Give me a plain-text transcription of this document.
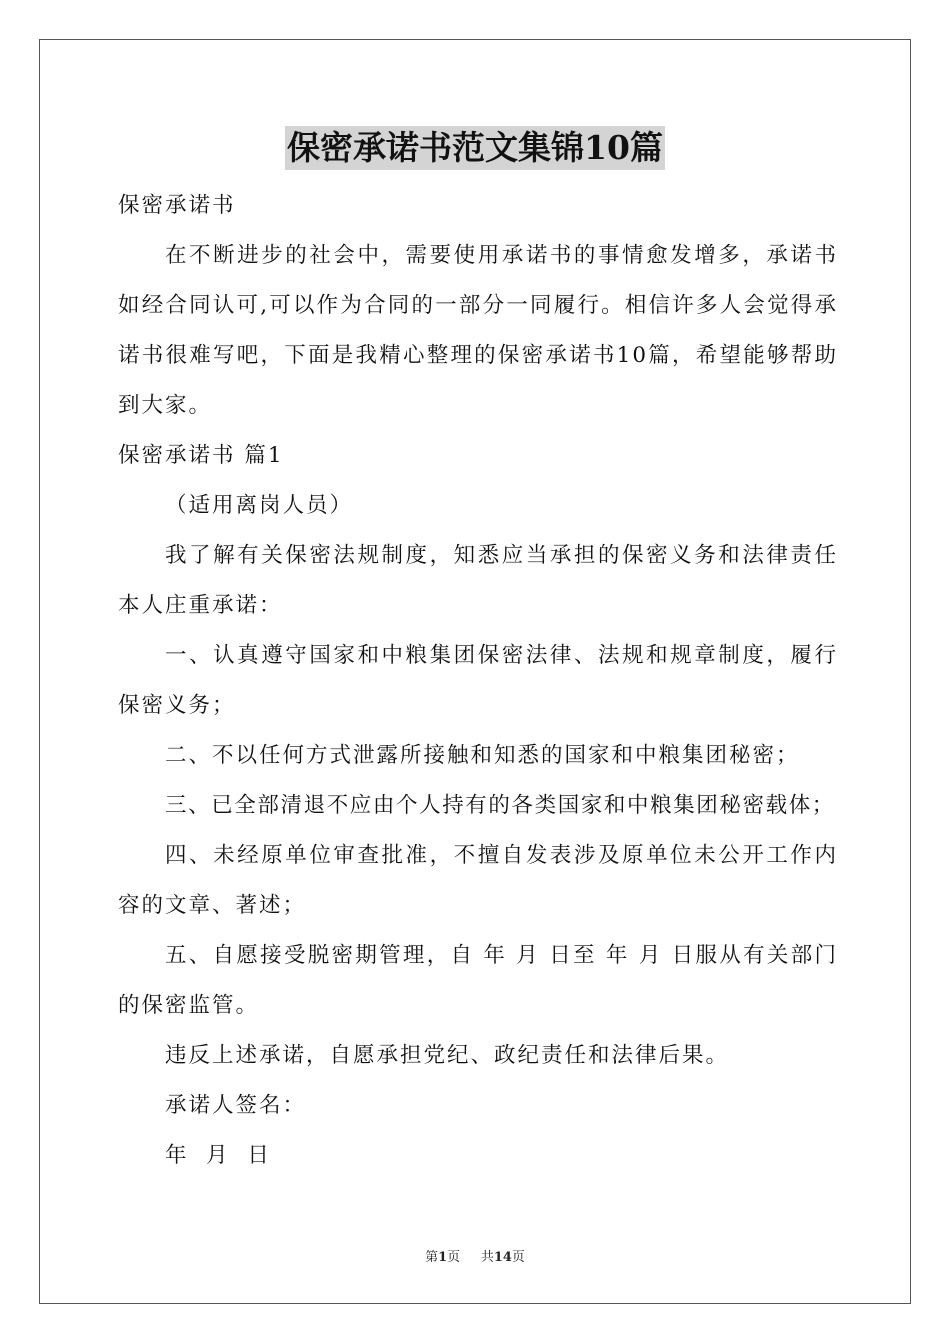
保密承诺书范文集锦10篇
保密承诺书
在不断进步的社会中，需要使用承诺书的事情愈发增多，承诺书如经合同认可,可以作为合同的一部分一同履行。相信许多人会觉得承诺书很难写吧，下面是我精心整理的保密承诺书10篇，希望能够帮助到大家。
保密承诺书 篇1
（适用离岗人员）
我了解有关保密法规制度，知悉应当承担的保密义务和法律责任本人庄重承诺：
一、认真遵守国家和中粮集团保密法律、法规和规章制度，履行保密义务；
二、不以任何方式泄露所接触和知悉的国家和中粮集团秘密；
三、已全部清退不应由个人持有的各类国家和中粮集团秘密载体；
四、未经原单位审查批准，不擅自发表涉及原单位未公开工作内容的文章、著述；
五、自愿接受脱密期管理，自 年 月 日至 年 月 日服从有关部门的保密监管。
违反上述承诺，自愿承担党纪、政纪责任和法律后果。
承诺人签名：
年  月  日
第1页 共14页
